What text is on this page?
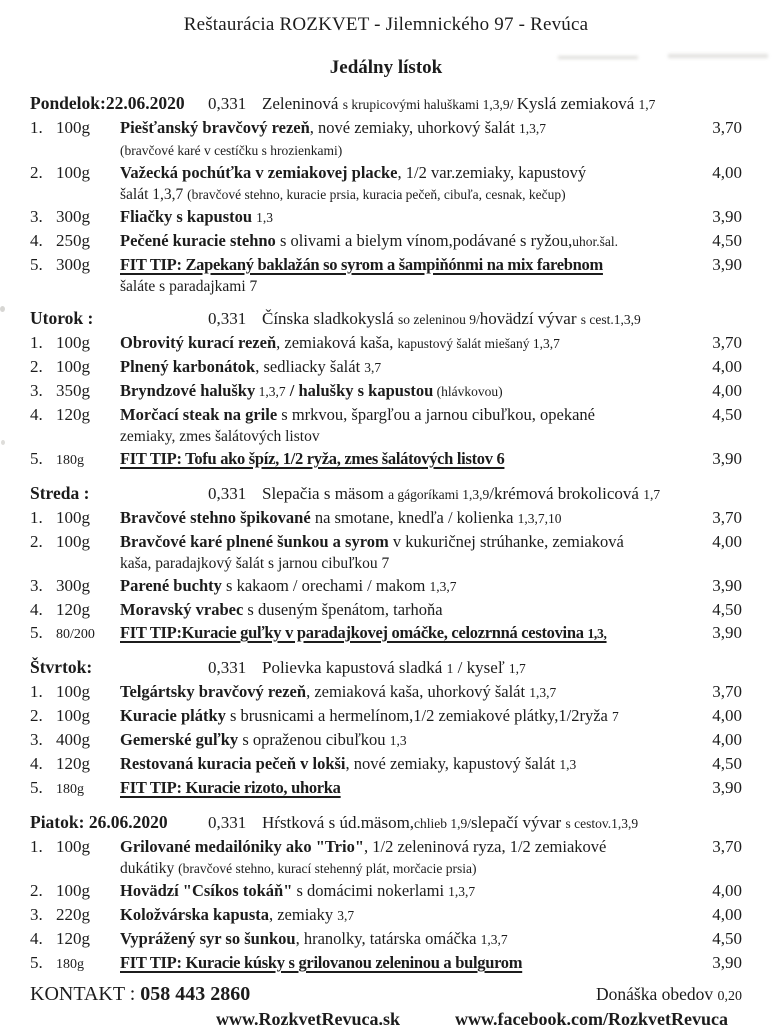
Reštaurácia ROZKVET - Jilemnického 97 - Revúca
Jedálny lístok
Pondelok:22.06.2020	0,331 Zeleninová s krupicovými haluškami 1,3,9/ Kyslá zemiaková 1,7
1. 100g	Piešťanský bravčový rezeň, nové zemiaky, uhorkový šalát 1,3,7	3,70
(bravčové karé v cestíčku s hrozienkami)
2. 100g	Važecká pochúťka v zemiakovej placke, 1/2 var.zemiaky, kapustový	4,00
šalát 1,3,7 (bravčové stehno, kuracie prsia, kuracia pečeň, cibuľa, cesnak, kečup)
3. 300g	Fliačky s kapustou 1,3	3,90
4. 250g	Pečené kuracie stehno s olivami a bielym vínom,podávané s ryžou,uhor.šal.	4,50
5. 300g	FIT TIP: Zapekaný baklažán so syrom a šampiňónmi na mix farebnom	3,90
šaláte s paradajkami 7
Utorok :	0,331 Čínska sladkokyslá so zeleninou 9/hovädzí vývar s cest.1,3,9
1. 100g	Obrovitý kurací rezeň, zemiaková kaša, kapustový šalát miešaný 1,3,7	3,70
2. 100g	Plnený karbonátok, sedliacky šalát 3,7	4,00
3. 350g	Bryndzové halušky 1,3,7 / halušky s kapustou (hlávkovou)	4,00
4. 120g	Morčací steak na grile s mrkvou, špargľou a jarnou cibuľkou, opekané	4,50
zemiaky, zmes šalátových listov
5. 180g	FIT TIP: Tofu ako špíz, 1/2 ryža, zmes šalátových listov 6	3,90
Streda :	0,331 Slepačia s mäsom a gágoríkami 1,3,9/krémová brokolicová 1,7
1. 100g	Bravčové stehno špikované na smotane, knedľa / kolienka 1,3,7,10	3,70
2. 100g	Bravčové karé plnené šunkou a syrom v kukuričnej strúhanke, zemiaková	4,00
kaša, paradajkový šalát s jarnou cibuľkou 7
3. 300g	Parené buchty s kakaom / orechami / makom 1,3,7	3,90
4. 120g	Moravský vrabec s duseným špenátom, tarhoňa	4,50
5. 80/200	FIT TIP:Kuracie guľky v paradajkovej omáčke, celozrnná cestovina 1,3,	3,90
Štvrtok:	0,331 Polievka kapustová sladká 1 / kyseľ 1,7
1. 100g	Telgártsky bravčový rezeň, zemiaková kaša, uhorkový šalát 1,3,7	3,70
2. 100g	Kuracie plátky s brusnicami a hermelínom,1/2 zemiakové plátky,1/2ryža 7	4,00
3. 400g	Gemerské guľky s opraženou cibuľkou 1,3	4,00
4. 120g	Restovaná kuracia pečeň v lokši, nové zemiaky, kapustový šalát 1,3	4,50
5. 180g	FIT TIP: Kuracie rizoto, uhorka	3,90
Piatok: 26.06.2020	0,331 Hŕstková s úd.mäsom,chlieb 1,9/slepačí vývar s cestov.1,3,9
1. 100g	Grilované medailóniky ako "Trio", 1/2 zeleninová ryza, 1/2 zemiakové	3,70
dukátiky (bravčové stehno, kurací stehenný plát, morčacie prsia)
2. 100g	Hovädzí "Csíkos tokáň" s domácimi nokerlami 1,3,7	4,00
3. 220g	Koložvárska kapusta, zemiaky 3,7	4,00
4. 120g	Vyprážený syr so šunkou, hranolky, tatárska omáčka 1,3,7	4,50
5. 180g	FIT TIP: Kuracie kúsky s grilovanou zeleninou a bulgurom	3,90
KONTAKT : 058 443 2860	Donáška obedov 0,20
www.RozkvetRevuca.sk	www.facebook.com/RozkvetRevuca
